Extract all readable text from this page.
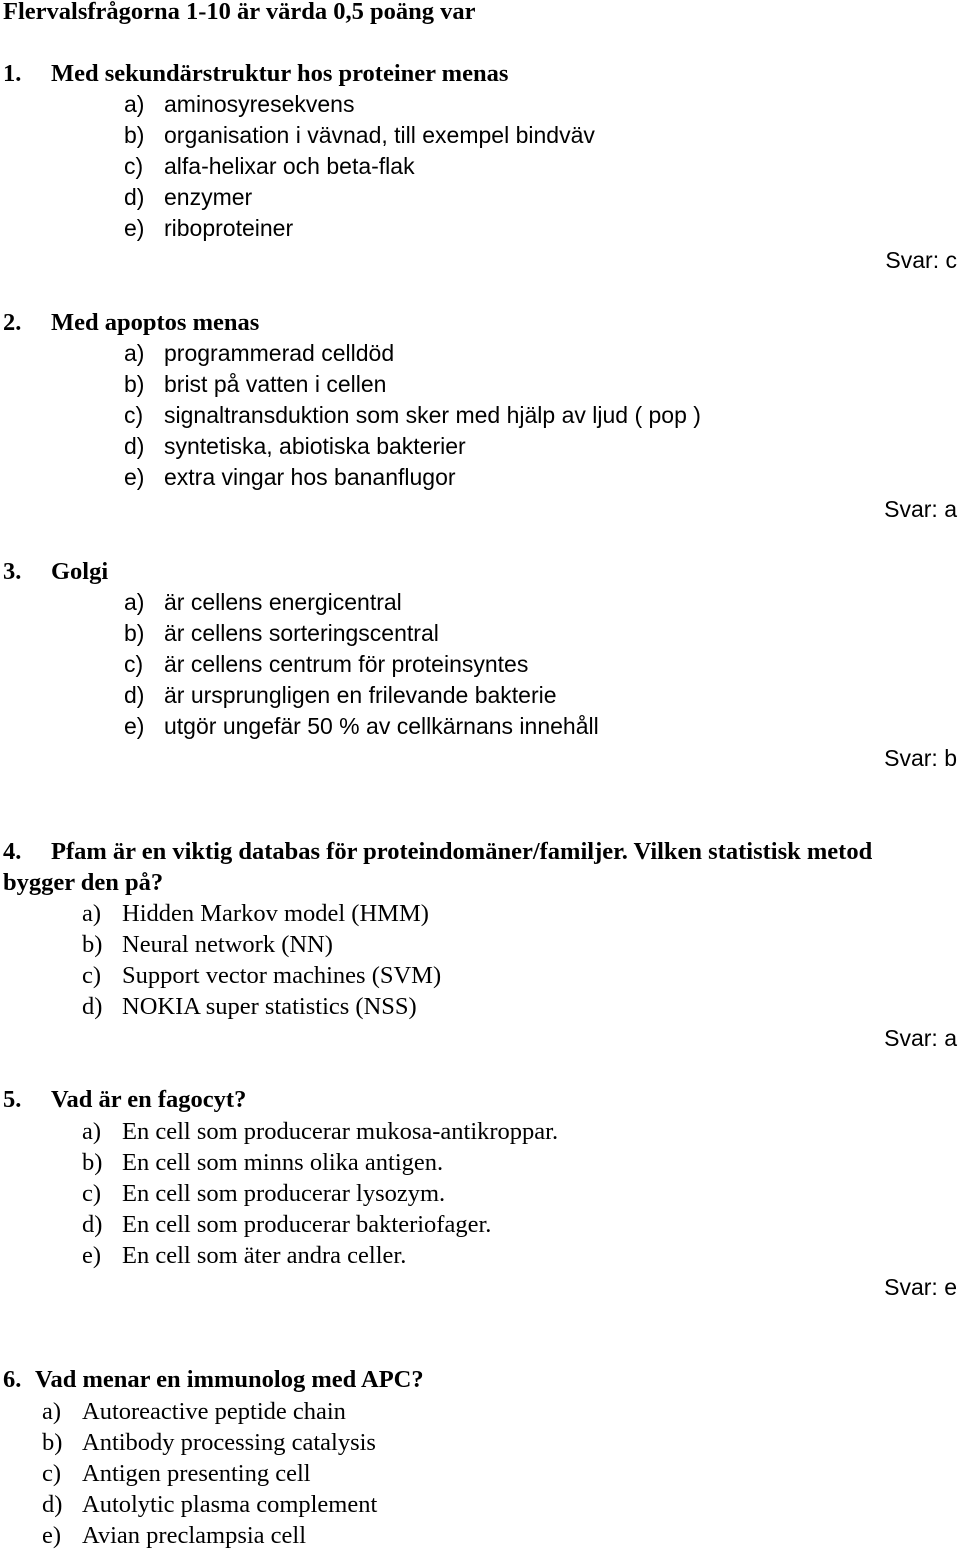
Flervalsfrågorna 1-10 är värda 0,5 poäng var
1. Med sekundärstruktur hos proteiner menas
a) aminosyresekvens
b) organisation i vävnad, till exempel bindväv
c) alfa-helixar och beta-flak
d) enzymer
e) riboproteiner
Svar: c
2. Med apoptos menas
a) programmerad celldöd
b) brist på vatten i cellen
c) signaltransduktion som sker med hjälp av ljud ( pop )
d) syntetiska, abiotiska bakterier
e) extra vingar hos bananflugor
Svar: a
3. Golgi
a) är cellens energicentral
b) är cellens sorteringscentral
c) är cellens centrum för proteinsyntes
d) är ursprungligen en frilevande bakterie
e) utgör ungefär 50 % av cellkärnans innehåll
Svar: b
4. Pfam är en viktig databas för proteindomäner/familjer. Vilken statistisk metod
bygger den på?
a) Hidden Markov model (HMM)
b) Neural network (NN)
c) Support vector machines (SVM)
d) NOKIA super statistics (NSS)
Svar: a
5. Vad är en fagocyt?
a) En cell som producerar mukosa-antikroppar.
b) En cell som minns olika antigen.
c) En cell som producerar lysozym.
d) En cell som producerar bakteriofager.
e) En cell som äter andra celler.
Svar: e
6. Vad menar en immunolog med APC?
a) Autoreactive peptide chain
b) Antibody processing catalysis
c) Antigen presenting cell
d) Autolytic plasma complement
e) Avian preclampsia cell
